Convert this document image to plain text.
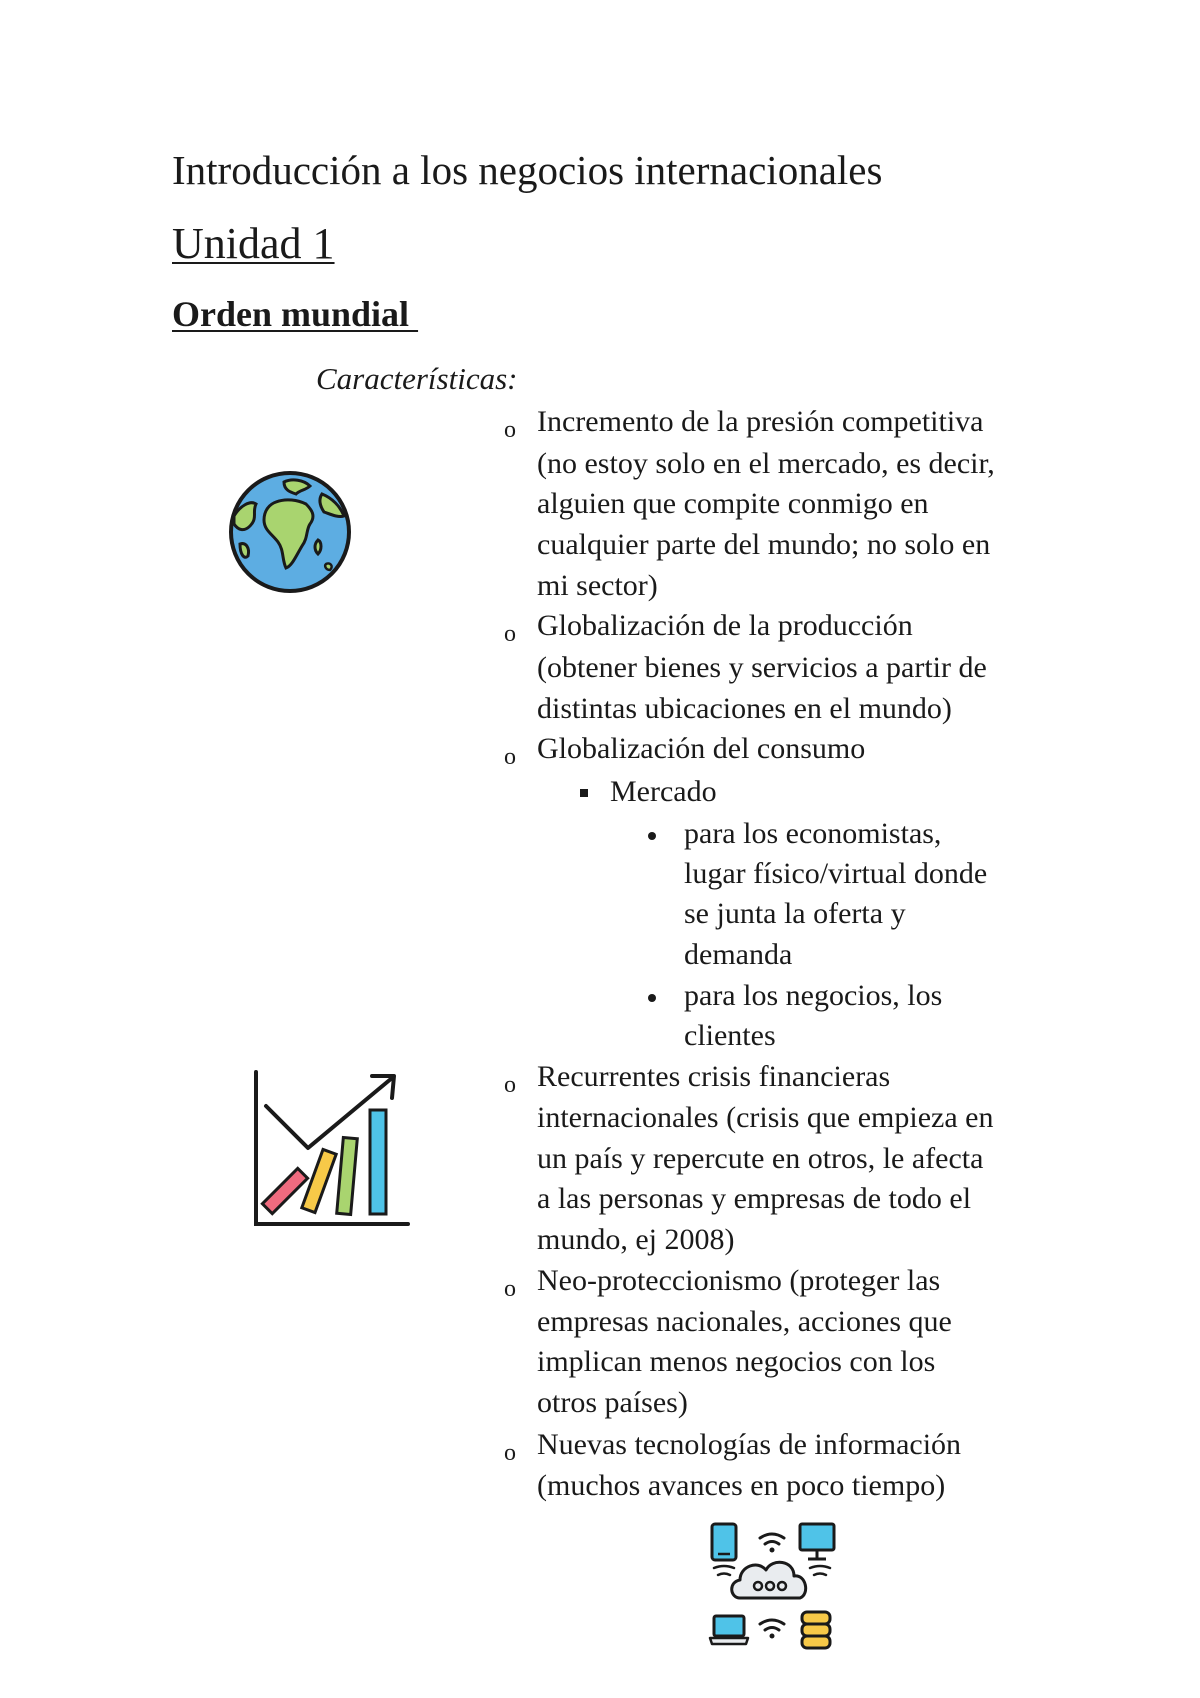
Introducción a los negocios internacionales
Unidad 1
Orden mundial
Características:
o Incremento de la presión competitiva
(no estoy solo en el mercado, es decir,
alguien que compite conmigo en
cualquier parte del mundo; no solo en
mi sector)
o Globalización de la producción
(obtener bienes y servicios a partir de
distintas ubicaciones en el mundo)
o Globalización del consumo
Mercado
para los economistas,
lugar físico/virtual donde
se junta la oferta y
demanda
para los negocios, los
clientes
o Recurrentes crisis financieras
internacionales (crisis que empieza en
un país y repercute en otros, le afecta
a las personas y empresas de todo el
mundo, ej 2008)
o Neo-proteccionismo (proteger las
empresas nacionales, acciones que
implican menos negocios con los
otros países)
o Nuevas tecnologías de información
(muchos avances en poco tiempo)
